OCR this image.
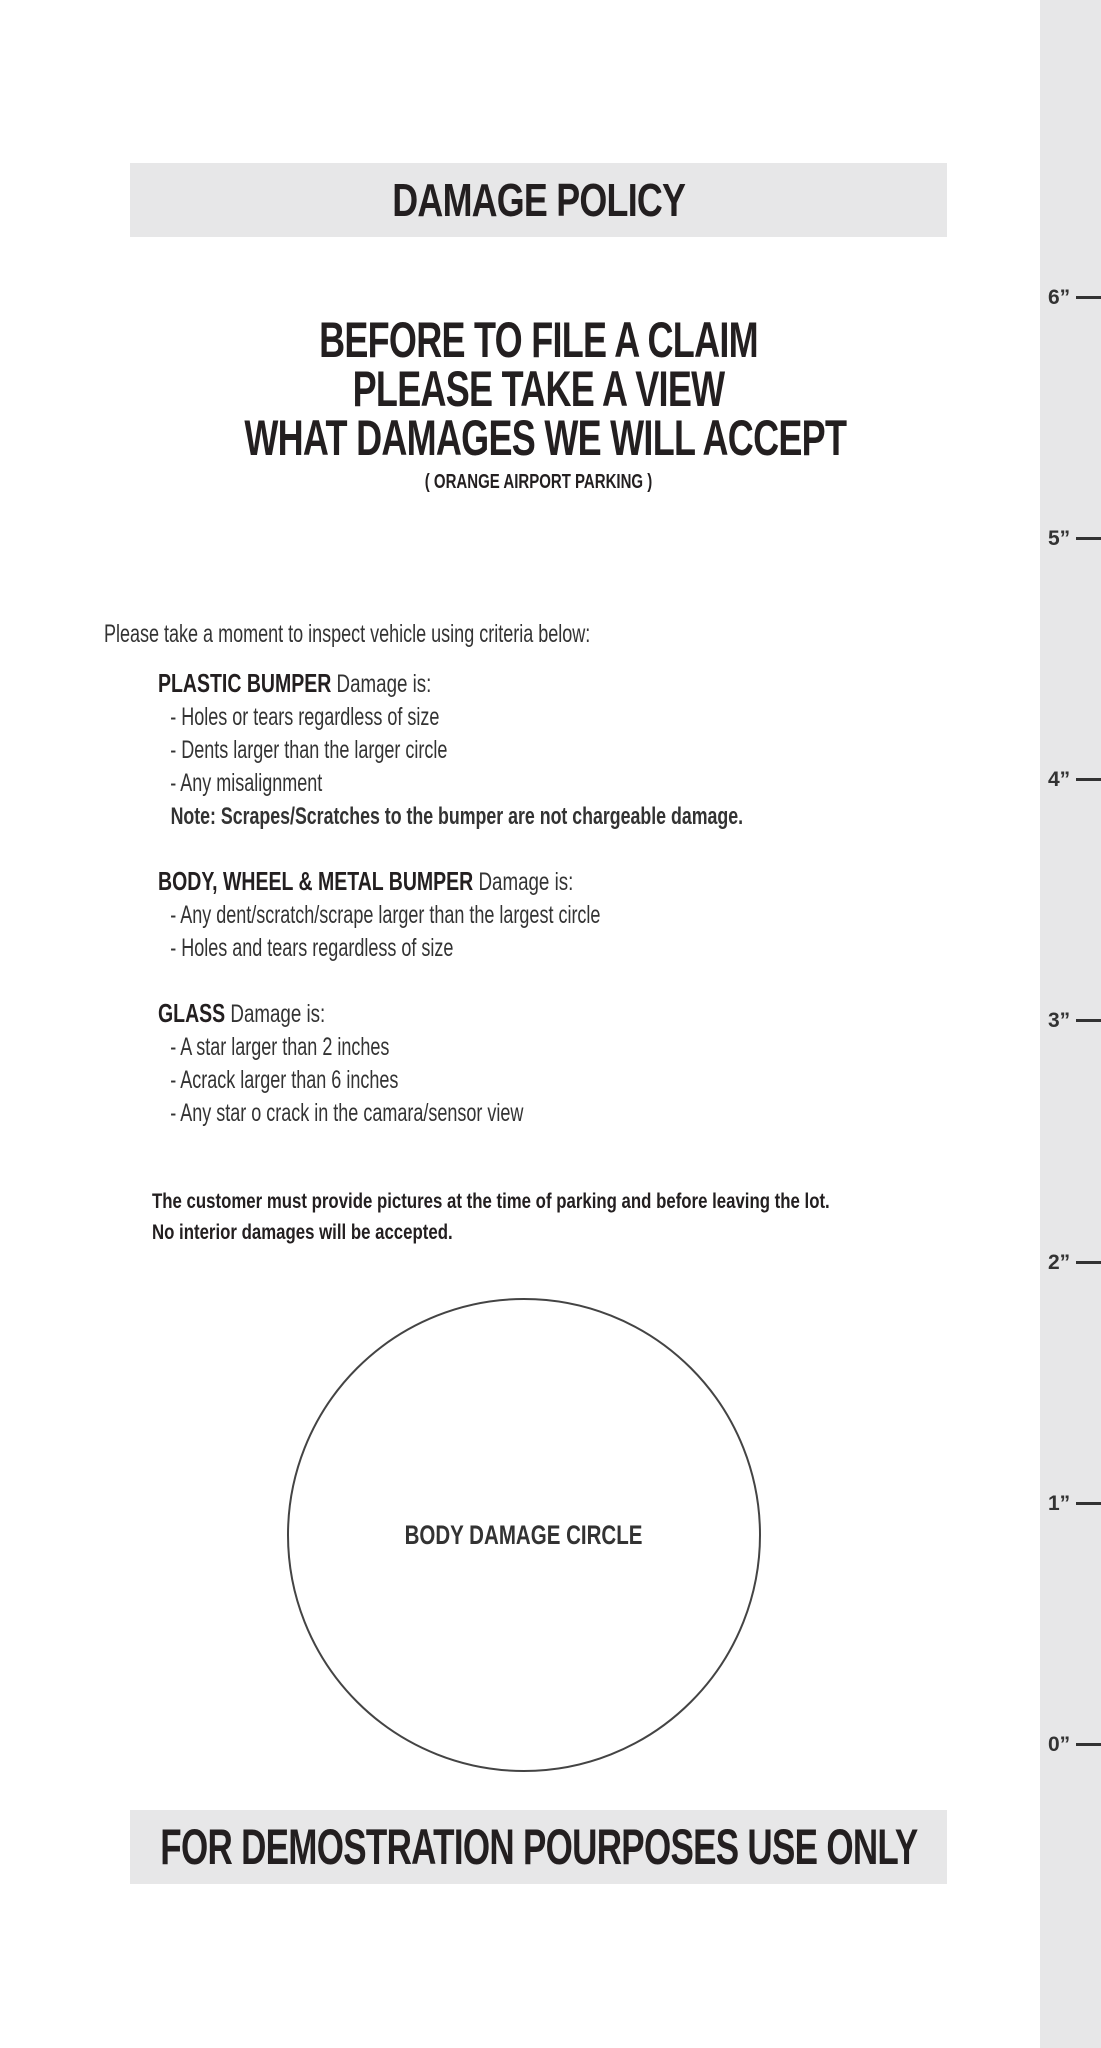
6”
5”
4”
3”
2”
1”
0”
DAMAGE POLICY
BEFORE TO FILE A CLAIM
PLEASE TAKE A VIEW
WHAT DAMAGES WE WILL ACCEPT
( ORANGE AIRPORT PARKING )
Please take a moment to inspect vehicle using criteria below:
PLASTIC BUMPER Damage is:
- Holes or tears regardless of size
- Dents larger than the larger circle
- Any misalignment
Note: Scrapes/Scratches to the bumper are not chargeable damage.
BODY, WHEEL & METAL BUMPER Damage is:
- Any dent/scratch/scrape larger than the largest circle
- Holes and tears regardless of size
GLASS Damage is:
- A star larger than 2 inches
- Acrack larger than 6 inches
- Any star o crack in the camara/sensor view
The customer must provide pictures at the time of parking and before leaving the lot.
No interior damages will be accepted.
BODY DAMAGE CIRCLE
FOR DEMOSTRATION POURPOSES USE ONLY
